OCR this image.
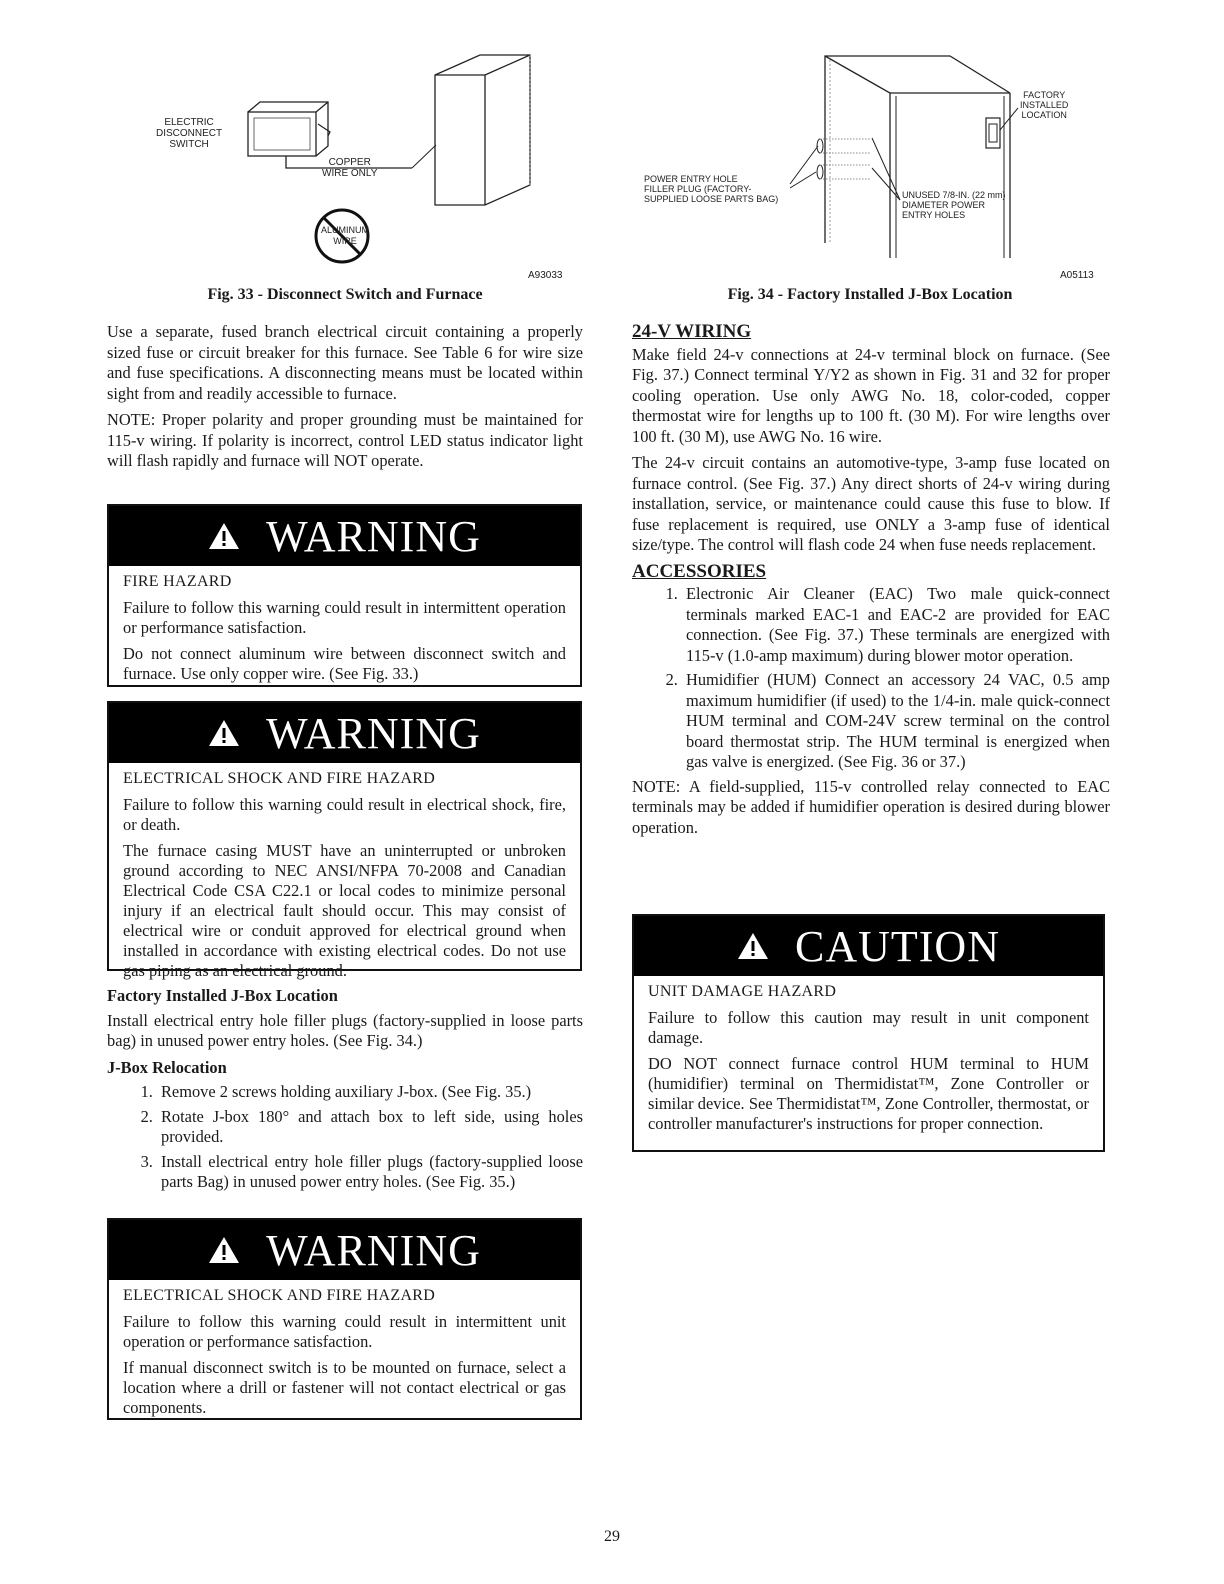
ELECTRIC
DISCONNECT
SWITCH
COPPER
WIRE ONLY
ALUMINUM
WIRE
A93033
Fig. 33 - Disconnect Switch and Furnace
FACTORY
INSTALLED
LOCATION
POWER ENTRY HOLE
FILLER PLUG (FACTORY-
SUPPLIED LOOSE PARTS BAG)	UNUSED 7/8-IN. (22 mm)
DIAMETER POWER
ENTRY HOLES
A05113
Fig. 34 - Factory Installed J-Box Location

Use a separate, fused branch electrical circuit containing a properly sized fuse or circuit breaker for this furnace. See Table 6 for wire size and fuse specifications. A disconnecting means must be located within sight from and readily accessible to furnace.

NOTE: Proper polarity and proper grounding must be maintained for 115-v wiring. If polarity is incorrect, control LED status indicator light will flash rapidly and furnace will NOT operate.

WARNING
FIRE HAZARD

Failure to follow this warning could result in intermittent operation or performance satisfaction.

Do not connect aluminum wire between disconnect switch and furnace. Use only copper wire. (See Fig. 33.)

WARNING
ELECTRICAL SHOCK AND FIRE HAZARD

Failure to follow this warning could result in electrical shock, fire, or death.

The furnace casing MUST have an uninterrupted or unbroken ground according to NEC ANSI/NFPA 70-2008 and Canadian Electrical Code CSA C22.1 or local codes to minimize personal injury if an electrical fault should occur. This may consist of electrical wire or conduit approved for electrical ground when installed in accordance with existing electrical codes. Do not use gas piping as an electrical ground.

Factory Installed J-Box Location

Install electrical entry hole filler plugs (factory-supplied in loose parts bag) in unused power entry holes. (See Fig. 34.)

J-Box Relocation
1. Remove 2 screws holding auxiliary J-box. (See Fig. 35.)
2. Rotate J-box 180° and attach box to left side, using holes provided.
3. Install electrical entry hole filler plugs (factory-supplied loose parts Bag) in unused power entry holes. (See Fig. 35.)
WARNING
ELECTRICAL SHOCK AND FIRE HAZARD

Failure to follow this warning could result in intermittent unit operation or performance satisfaction.

If manual disconnect switch is to be mounted on furnace, select a location where a drill or fastener will not contact electrical or gas components.

24-V WIRING

Make field 24-v connections at 24-v terminal block on furnace. (See Fig. 37.) Connect terminal Y/Y2 as shown in Fig. 31 and 32 for proper cooling operation. Use only AWG No. 18, color-coded, copper thermostat wire for lengths up to 100 ft. (30 M). For wire lengths over 100 ft. (30 M), use AWG No. 16 wire.

The 24-v circuit contains an automotive-type, 3-amp fuse located on furnace control. (See Fig. 37.) Any direct shorts of 24-v wiring during installation, service, or maintenance could cause this fuse to blow. If fuse replacement is required, use ONLY a 3-amp fuse of identical size/type. The control will flash code 24 when fuse needs replacement.

ACCESSORIES
1. Electronic Air Cleaner (EAC) Two male quick-connect terminals marked EAC-1 and EAC-2 are provided for EAC connection. (See Fig. 37.) These terminals are energized with 115-v (1.0-amp maximum) during blower motor operation.
2. Humidifier (HUM) Connect an accessory 24 VAC, 0.5 amp maximum humidifier (if used) to the 1/4-in. male quick-connect HUM terminal and COM-24V screw terminal on the control board thermostat strip. The HUM terminal is energized when gas valve is energized. (See Fig. 36 or 37.)

NOTE: A field-supplied, 115-v controlled relay connected to EAC terminals may be added if humidifier operation is desired during blower operation.

CAUTION
UNIT DAMAGE HAZARD

Failure to follow this caution may result in unit component damage.

DO NOT connect furnace control HUM terminal to HUM (humidifier) terminal on Thermidistat™, Zone Controller or similar device. See Thermidistat™, Zone Controller, thermostat, or controller manufacturer's instructions for proper connection.

29
